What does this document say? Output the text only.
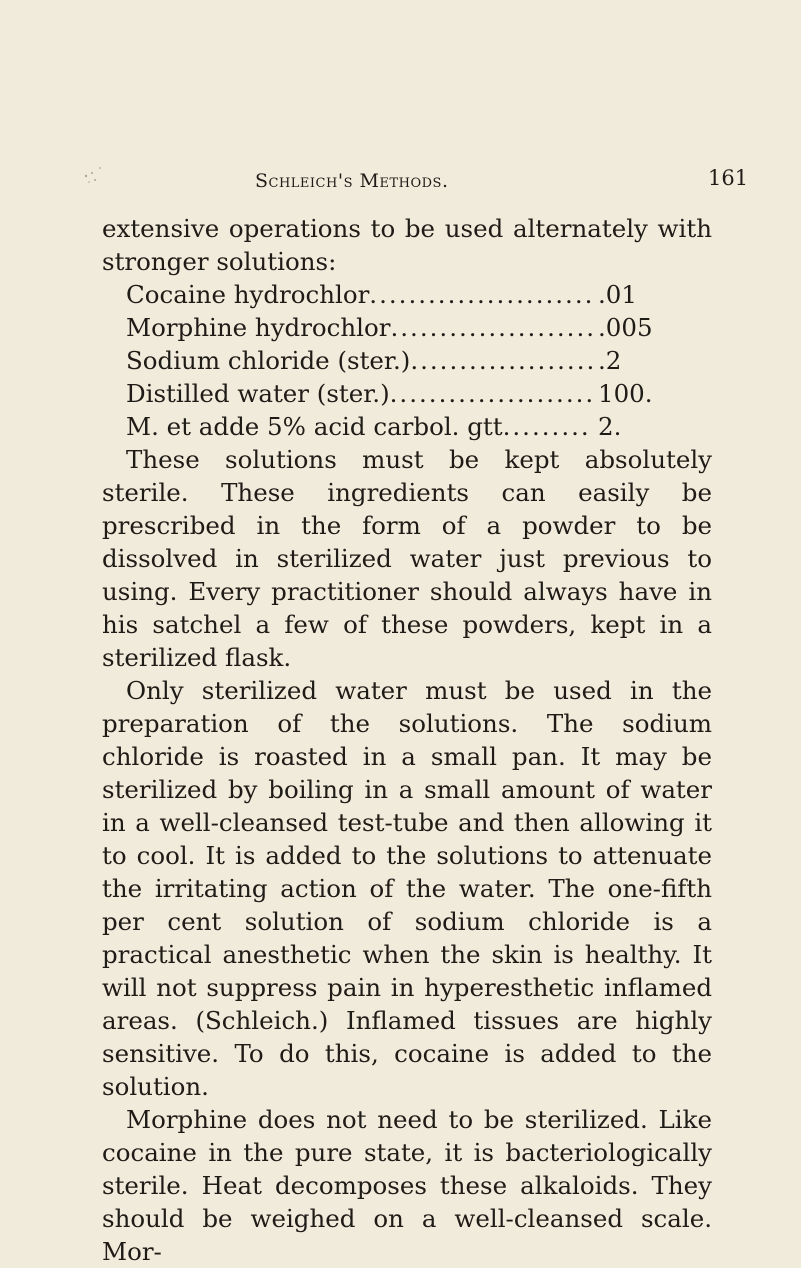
Schleich's Methods.	161

extensive operations to be used alternately with stronger solutions:

Cocaine hydrochlor .....	.01
Morphine hydrochlor .....	.005
Sodium chloride (ster.) .....	.2
Distilled water (ster.) .....	100.
M. et adde 5% acid carbol. gtt .....	2.

These solutions must be kept absolutely sterile. These ingredients can easily be prescribed in the form of a powder to be dissolved in sterilized water just previous to using. Every practitioner should always have in his satchel a few of these powders, kept in a sterilized flask.

Only sterilized water must be used in the preparation of the solutions. The sodium chloride is roasted in a small pan. It may be sterilized by boiling in a small amount of water in a well-cleansed test-tube and then allowing it to cool. It is added to the solutions to attenuate the irritating action of the water. The one-fifth per cent solution of sodium chloride is a practical anesthetic when the skin is healthy. It will not suppress pain in hyperesthetic inflamed areas. (Schleich.) Inflamed tissues are highly sensitive. To do this, cocaine is added to the solution.

Morphine does not need to be sterilized. Like cocaine in the pure state, it is bacteriologically sterile. Heat decomposes these alkaloids. They should be weighed on a well-cleansed scale. Mor-
